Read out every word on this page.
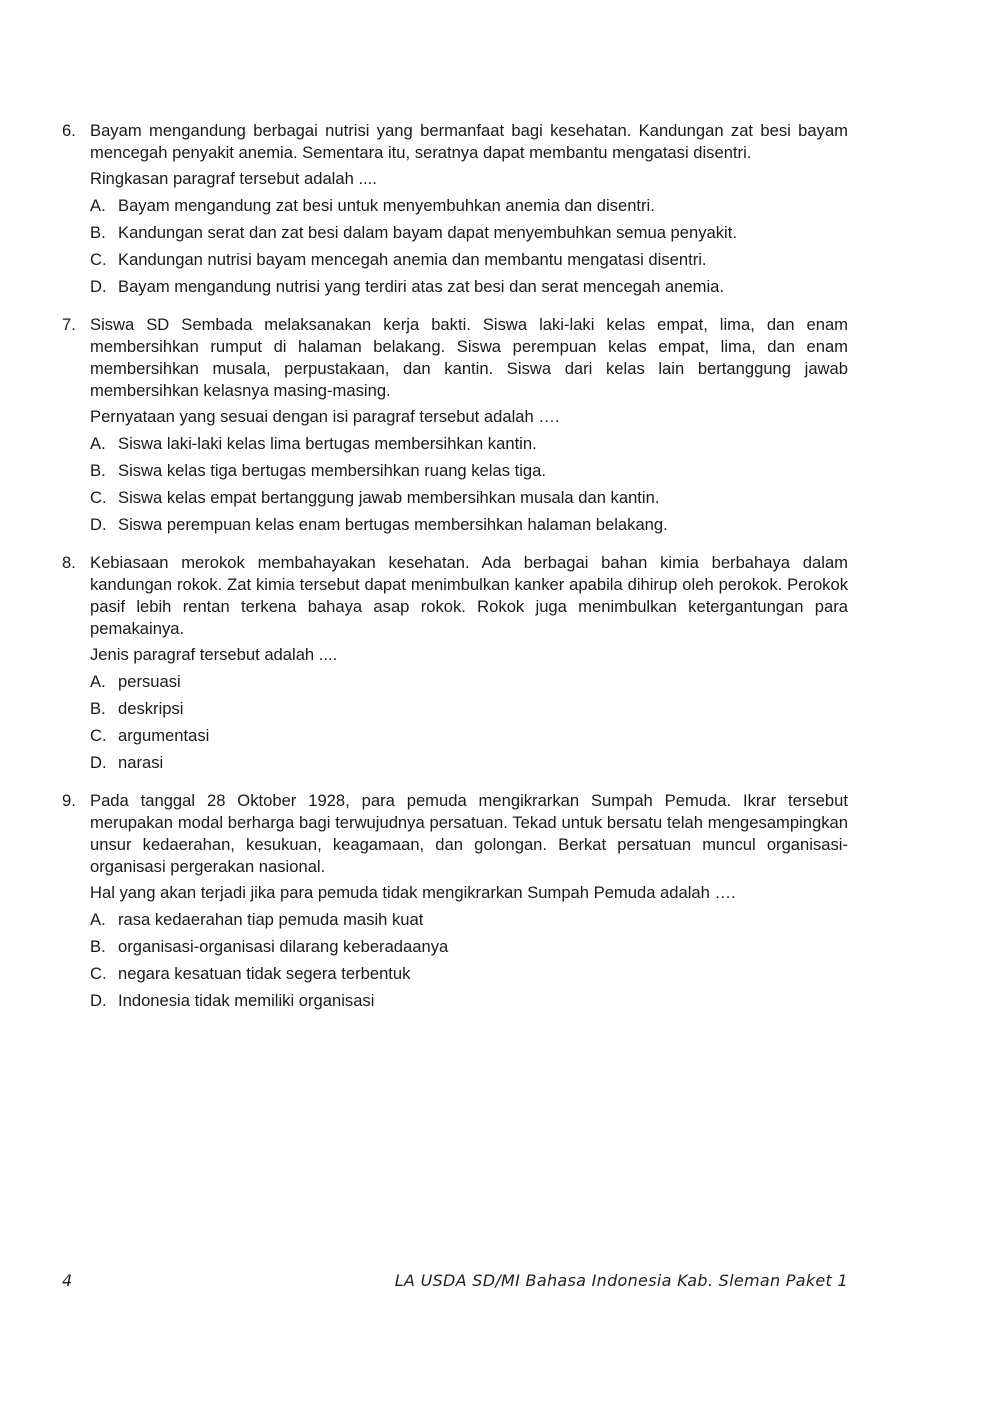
6. Bayam mengandung berbagai nutrisi yang bermanfaat bagi kesehatan. Kandungan zat besi bayam mencegah penyakit anemia. Sementara itu, seratnya dapat membantu mengatasi disentri.

Ringkasan paragraf tersebut adalah ....

A. Bayam mengandung zat besi untuk menyembuhkan anemia dan disentri.
B. Kandungan serat dan zat besi dalam bayam dapat menyembuhkan semua penyakit.
C. Kandungan nutrisi bayam mencegah anemia dan membantu mengatasi disentri.
D. Bayam mengandung nutrisi yang terdiri atas zat besi dan serat mencegah anemia.
7. Siswa SD Sembada melaksanakan kerja bakti. Siswa laki-laki kelas empat, lima, dan enam membersihkan rumput di halaman belakang. Siswa perempuan kelas empat, lima, dan enam membersihkan musala, perpustakaan, dan kantin. Siswa dari kelas lain bertanggung jawab membersihkan kelasnya masing-masing.

Pernyataan yang sesuai dengan isi paragraf tersebut adalah ….

A. Siswa laki-laki kelas lima bertugas membersihkan kantin.
B. Siswa kelas tiga bertugas membersihkan ruang kelas tiga.
C. Siswa kelas empat bertanggung jawab membersihkan musala dan kantin.
D. Siswa perempuan kelas enam bertugas membersihkan halaman belakang.
8. Kebiasaan merokok membahayakan kesehatan. Ada berbagai bahan kimia berbahaya dalam kandungan rokok. Zat kimia tersebut dapat menimbulkan kanker apabila dihirup oleh perokok. Perokok pasif lebih rentan terkena bahaya asap rokok. Rokok juga menimbulkan ketergantungan para pemakainya.

Jenis paragraf tersebut adalah ....

A. persuasi
B. deskripsi
C. argumentasi
D. narasi
9. Pada tanggal 28 Oktober 1928, para pemuda mengikrarkan Sumpah Pemuda. Ikrar tersebut merupakan modal berharga bagi terwujudnya persatuan. Tekad untuk bersatu telah mengesampingkan unsur kedaerahan, kesukuan, keagamaan, dan golongan. Berkat persatuan muncul organisasi-organisasi pergerakan nasional.

Hal yang akan terjadi jika para pemuda tidak mengikrarkan Sumpah Pemuda adalah ….

A. rasa kedaerahan tiap pemuda masih kuat
B. organisasi-organisasi dilarang keberadaanya
C. negara kesatuan tidak segera terbentuk
D. Indonesia tidak memiliki organisasi
4	LA USDA SD/MI Bahasa Indonesia Kab. Sleman Paket 1
